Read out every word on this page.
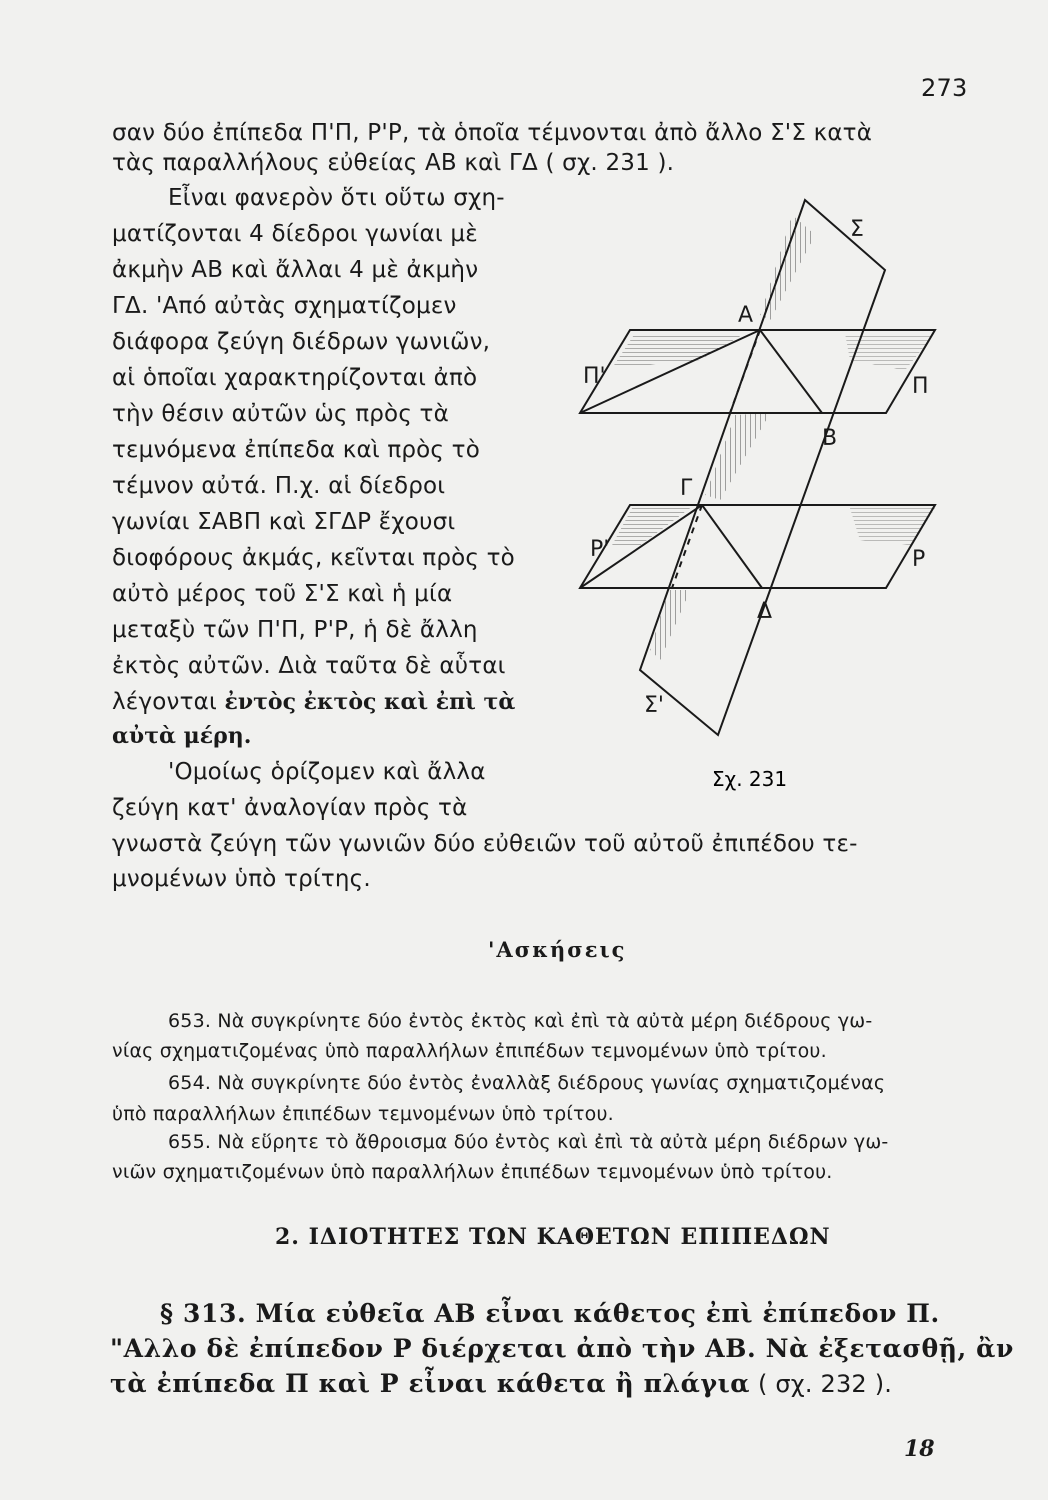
273
σαν δύο ἐπίπεδα Π'Π, Ρ'Ρ, τὰ ὁποῖα τέμνονται ἀπὸ ἄλλο Σ'Σ κατὰ
τὰς παραλλήλους εὐθείας ΑΒ καὶ ΓΔ ( σχ. 231 ).
Εἶναι φανερὸν ὅτι οὕτω σχη-
ματίζονται 4 δίεδροι γωνίαι μὲ
ἀκμὴν ΑΒ καὶ ἄλλαι 4 μὲ ἀκμὴν
ΓΔ. 'Από αὐτὰς σχηματίζομεν
διάφορα ζεύγη διέδρων γωνιῶν,
αἱ ὁποῖαι χαρακτηρίζονται ἀπὸ
τὴν θέσιν αὐτῶν ὡς πρὸς τὰ
τεμνόμενα ἐπίπεδα καὶ πρὸς τὸ
τέμνον αὐτά. Π.χ. αἱ δίεδροι
γωνίαι ΣΑΒΠ καὶ ΣΓΔΡ ἔχουσι
διοφόρους ἀκμάς, κεῖνται πρὸς τὸ
αὐτὸ μέρος τοῦ Σ'Σ καὶ ἡ μία
μεταξὺ τῶν Π'Π, Ρ'Ρ, ἡ δὲ ἄλλη
ἐκτὸς αὐτῶν. Διὰ ταῦτα δὲ αὗται
λέγονται ἐντὸς ἐκτὸς καὶ ἐπὶ τὰ
αὐτὰ μέρη.
'Ομοίως ὁρίζομεν καὶ ἄλλα
ζεύγη κατ' ἀναλογίαν πρὸς τὰ
γνωστὰ ζεύγη τῶν γωνιῶν δύο εὐθειῶν τοῦ αὐτοῦ ἐπιπέδου τε-
μνομένων ὑπὸ τρίτης.
Σ
Α
Π'	Π
Β
Γ
Ρ'	Ρ
Δ
Σ'
Σχ. 231
'Ασκήσεις
653. Νὰ συγκρίνητε δύο ἐντὸς ἐκτὸς καὶ ἐπὶ τὰ αὐτὰ μέρη διέδρους γω-
νίας σχηματιζομένας ὑπὸ παραλλήλων ἐπιπέδων τεμνομένων ὑπὸ τρίτου.
654. Νὰ συγκρίνητε δύο ἐντὸς ἐναλλὰξ διέδρους γωνίας σχηματιζομένας
ὑπὸ παραλλήλων ἐπιπέδων τεμνομένων ὑπὸ τρίτου.
655. Νὰ εὕρητε τὸ ἄθροισμα δύο ἐντὸς καὶ ἐπὶ τὰ αὐτὰ μέρη διέδρων γω-
νιῶν σχηματιζομένων ὑπὸ παραλλήλων ἐπιπέδων τεμνομένων ὑπὸ τρίτου.
2. ΙΔΙΟΤΗΤΕΣ ΤΩΝ ΚΑΘΕΤΩΝ ΕΠΙΠΕΔΩΝ
§ 313. Μία εὐθεῖα ΑΒ εἶναι κάθετος ἐπὶ ἐπίπεδον Π.
"Αλλο δὲ ἐπίπεδον Ρ διέρχεται ἀπὸ τὴν ΑΒ. Νὰ ἐξετασθῇ, ἂν
τὰ ἐπίπεδα Π καὶ Ρ εἶναι κάθετα ἢ πλάγια ( σχ. 232 ).
18
